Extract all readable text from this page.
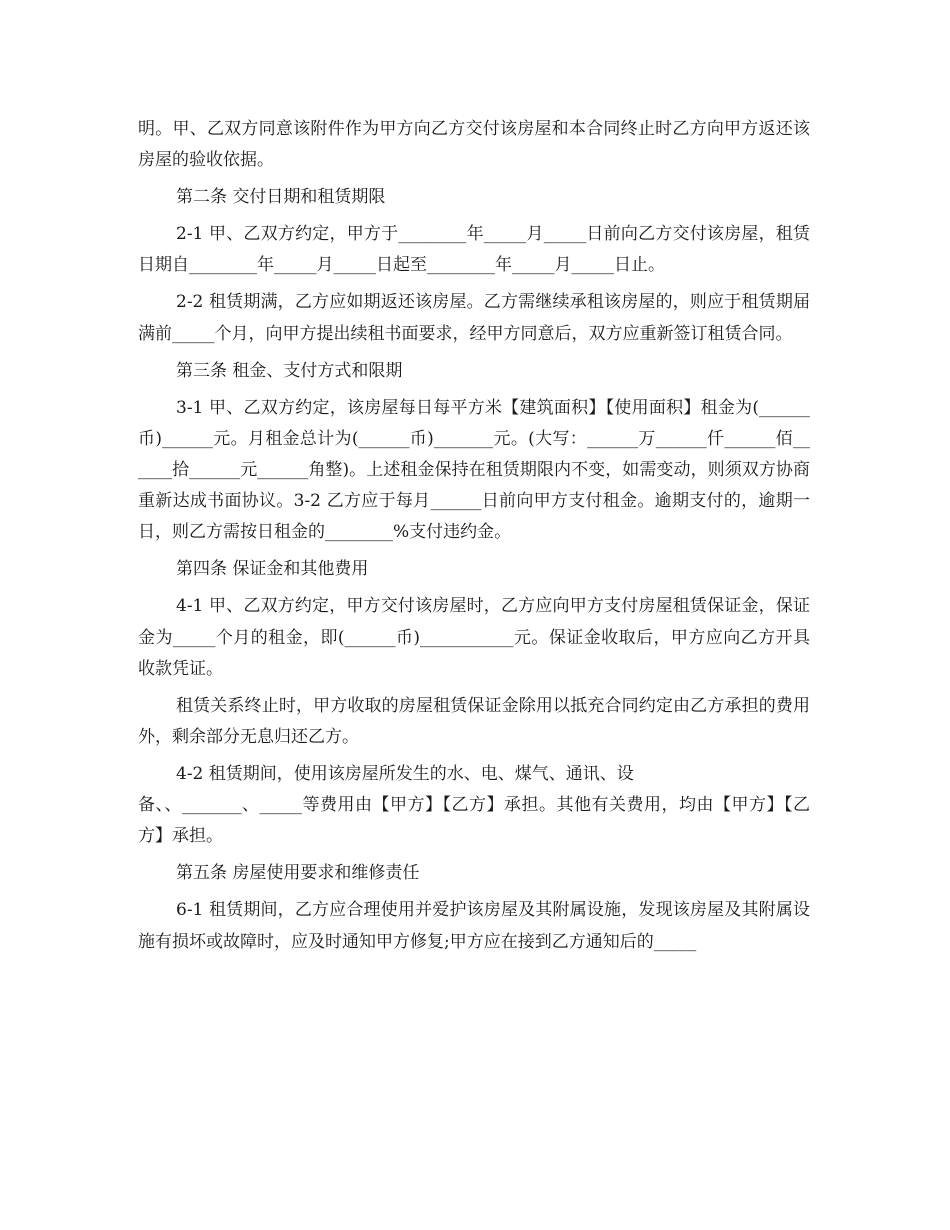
明。甲、乙双方同意该附件作为甲方向乙方交付该房屋和本合同终止时乙方向甲方返还该房屋的验收依据。

第二条 交付日期和租赁期限

2-1 甲、乙双方约定，甲方于________年_____月_____日前向乙方交付该房屋，租赁日期自________年_____月_____日起至________年_____月_____日止。

2-2 租赁期满，乙方应如期返还该房屋。乙方需继续承租该房屋的，则应于租赁期届满前_____个月，向甲方提出续租书面要求，经甲方同意后，双方应重新签订租赁合同。

第三条 租金、支付方式和限期

3-1 甲、乙双方约定，该房屋每日每平方米【建筑面积】【使用面积】租金为(______币)______元。月租金总计为(______币)_______元。(大写：______万______仟______佰______拾______元______角整)。上述租金保持在租赁期限内不变，如需变动，则须双方协商重新达成书面协议。3-2 乙方应于每月______日前向甲方支付租金。逾期支付的，逾期一日，则乙方需按日租金的________%支付违约金。

第四条 保证金和其他费用

4-1 甲、乙双方约定，甲方交付该房屋时，乙方应向甲方支付房屋租赁保证金，保证金为_____个月的租金，即(______币)___________元。保证金收取后，甲方应向乙方开具收款凭证。

租赁关系终止时，甲方收取的房屋租赁保证金除用以抵充合同约定由乙方承担的费用外，剩余部分无息归还乙方。

4-2 租赁期间，使用该房屋所发生的水、电、煤气、通讯、设
备、、_______、_____等费用由【甲方】【乙方】承担。其他有关费用，均由【甲方】【乙方】承担。

第五条 房屋使用要求和维修责任

6-1 租赁期间，乙方应合理使用并爱护该房屋及其附属设施，发现该房屋及其附属设施有损坏或故障时，应及时通知甲方修复;甲方应在接到乙方通知后的_____
